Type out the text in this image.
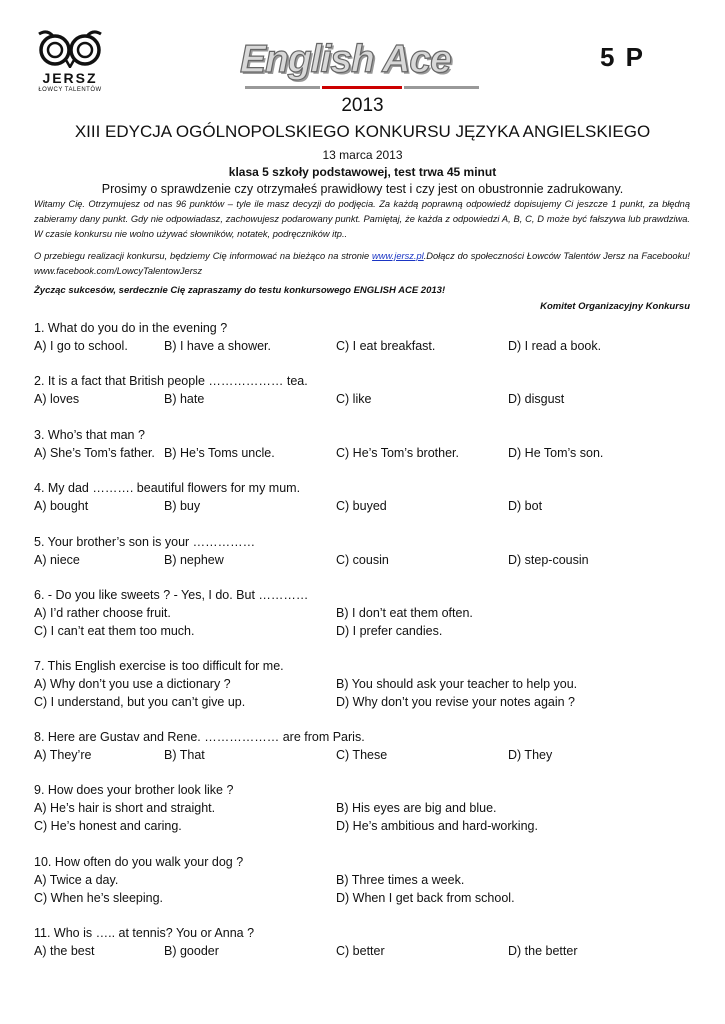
JERSZ
ŁOWCY TALENTÓW
English Ace	5 P
2013
XIII EDYCJA OGÓLNOPOLSKIEGO KONKURSU JĘZYKA ANGIELSKIEGO
13 marca 2013
klasa 5 szkoły podstawowej, test trwa 45 minut
Prosimy o sprawdzenie czy otrzymałeś prawidłowy test i czy jest on obustronnie zadrukowany.
Witamy Cię. Otrzymujesz od nas 96 punktów – tyle ile masz decyzji do podjęcia. Za każdą poprawną odpowiedź dopisujemy Ci jeszcze 1 punkt, za błędną zabieramy dany punkt. Gdy nie odpowiadasz, zachowujesz podarowany punkt. Pamiętaj, że każda z odpowiedzi A, B, C, D może być fałszywa lub prawdziwa. W czasie konkursu nie wolno używać słowników, notatek, podręczników itp..
O przebiegu realizacji konkursu, będziemy Cię informować na bieżąco na stronie www.jersz.pl.Dołącz do społeczności Łowców Talentów Jersz na Facebooku! www.facebook.com/LowcyTalentowJersz
Życząc sukcesów, serdecznie Cię zapraszamy do testu konkursowego ENGLISH ACE 2013!
Komitet Organizacyjny Konkursu
1. What do you do in the evening ?
A) I go to school.	B) I have a shower.	C) I eat breakfast.	D) I read a book.
2. It is a fact that British people ……………… tea.
A) loves	B) hate	C) like	D) disgust
3. Who’s that man ?
A) She’s Tom’s father. B) He’s Toms uncle.	C) He’s Tom’s brother.	D) He Tom’s son.
4. My dad ………. beautiful flowers for my mum.
A) bought	B) buy	C) buyed	D) bot
5. Your brother’s son is your ……………
A) niece	B) nephew	C) cousin	D) step-cousin
6. - Do you like sweets ? - Yes, I do. But …………
A) I’d rather choose fruit.	B) I don’t eat them often.
C) I can’t eat them too much.	D) I prefer candies.
7. This English exercise is too difficult for me.
A) Why don’t you use a dictionary ?	B) You should ask your teacher to help you.
C) I understand, but you can’t give up.	D) Why don’t you revise your notes again ?
8. Here are Gustav and Rene. ……………… are from Paris.
A) They’re	B) That	C) These	D) They
9. How does your brother look like ?
A) He’s hair is short and straight.	B) His eyes are big and blue.
C) He’s honest and caring.	D) He’s ambitious and hard-working.
10. How often do you walk your dog ?
A) Twice a day.	B) Three times a week.
C) When he’s sleeping.	D) When I get back from school.
11. Who is ….. at tennis? You or Anna ?
A) the best	B) gooder	C) better	D) the better
